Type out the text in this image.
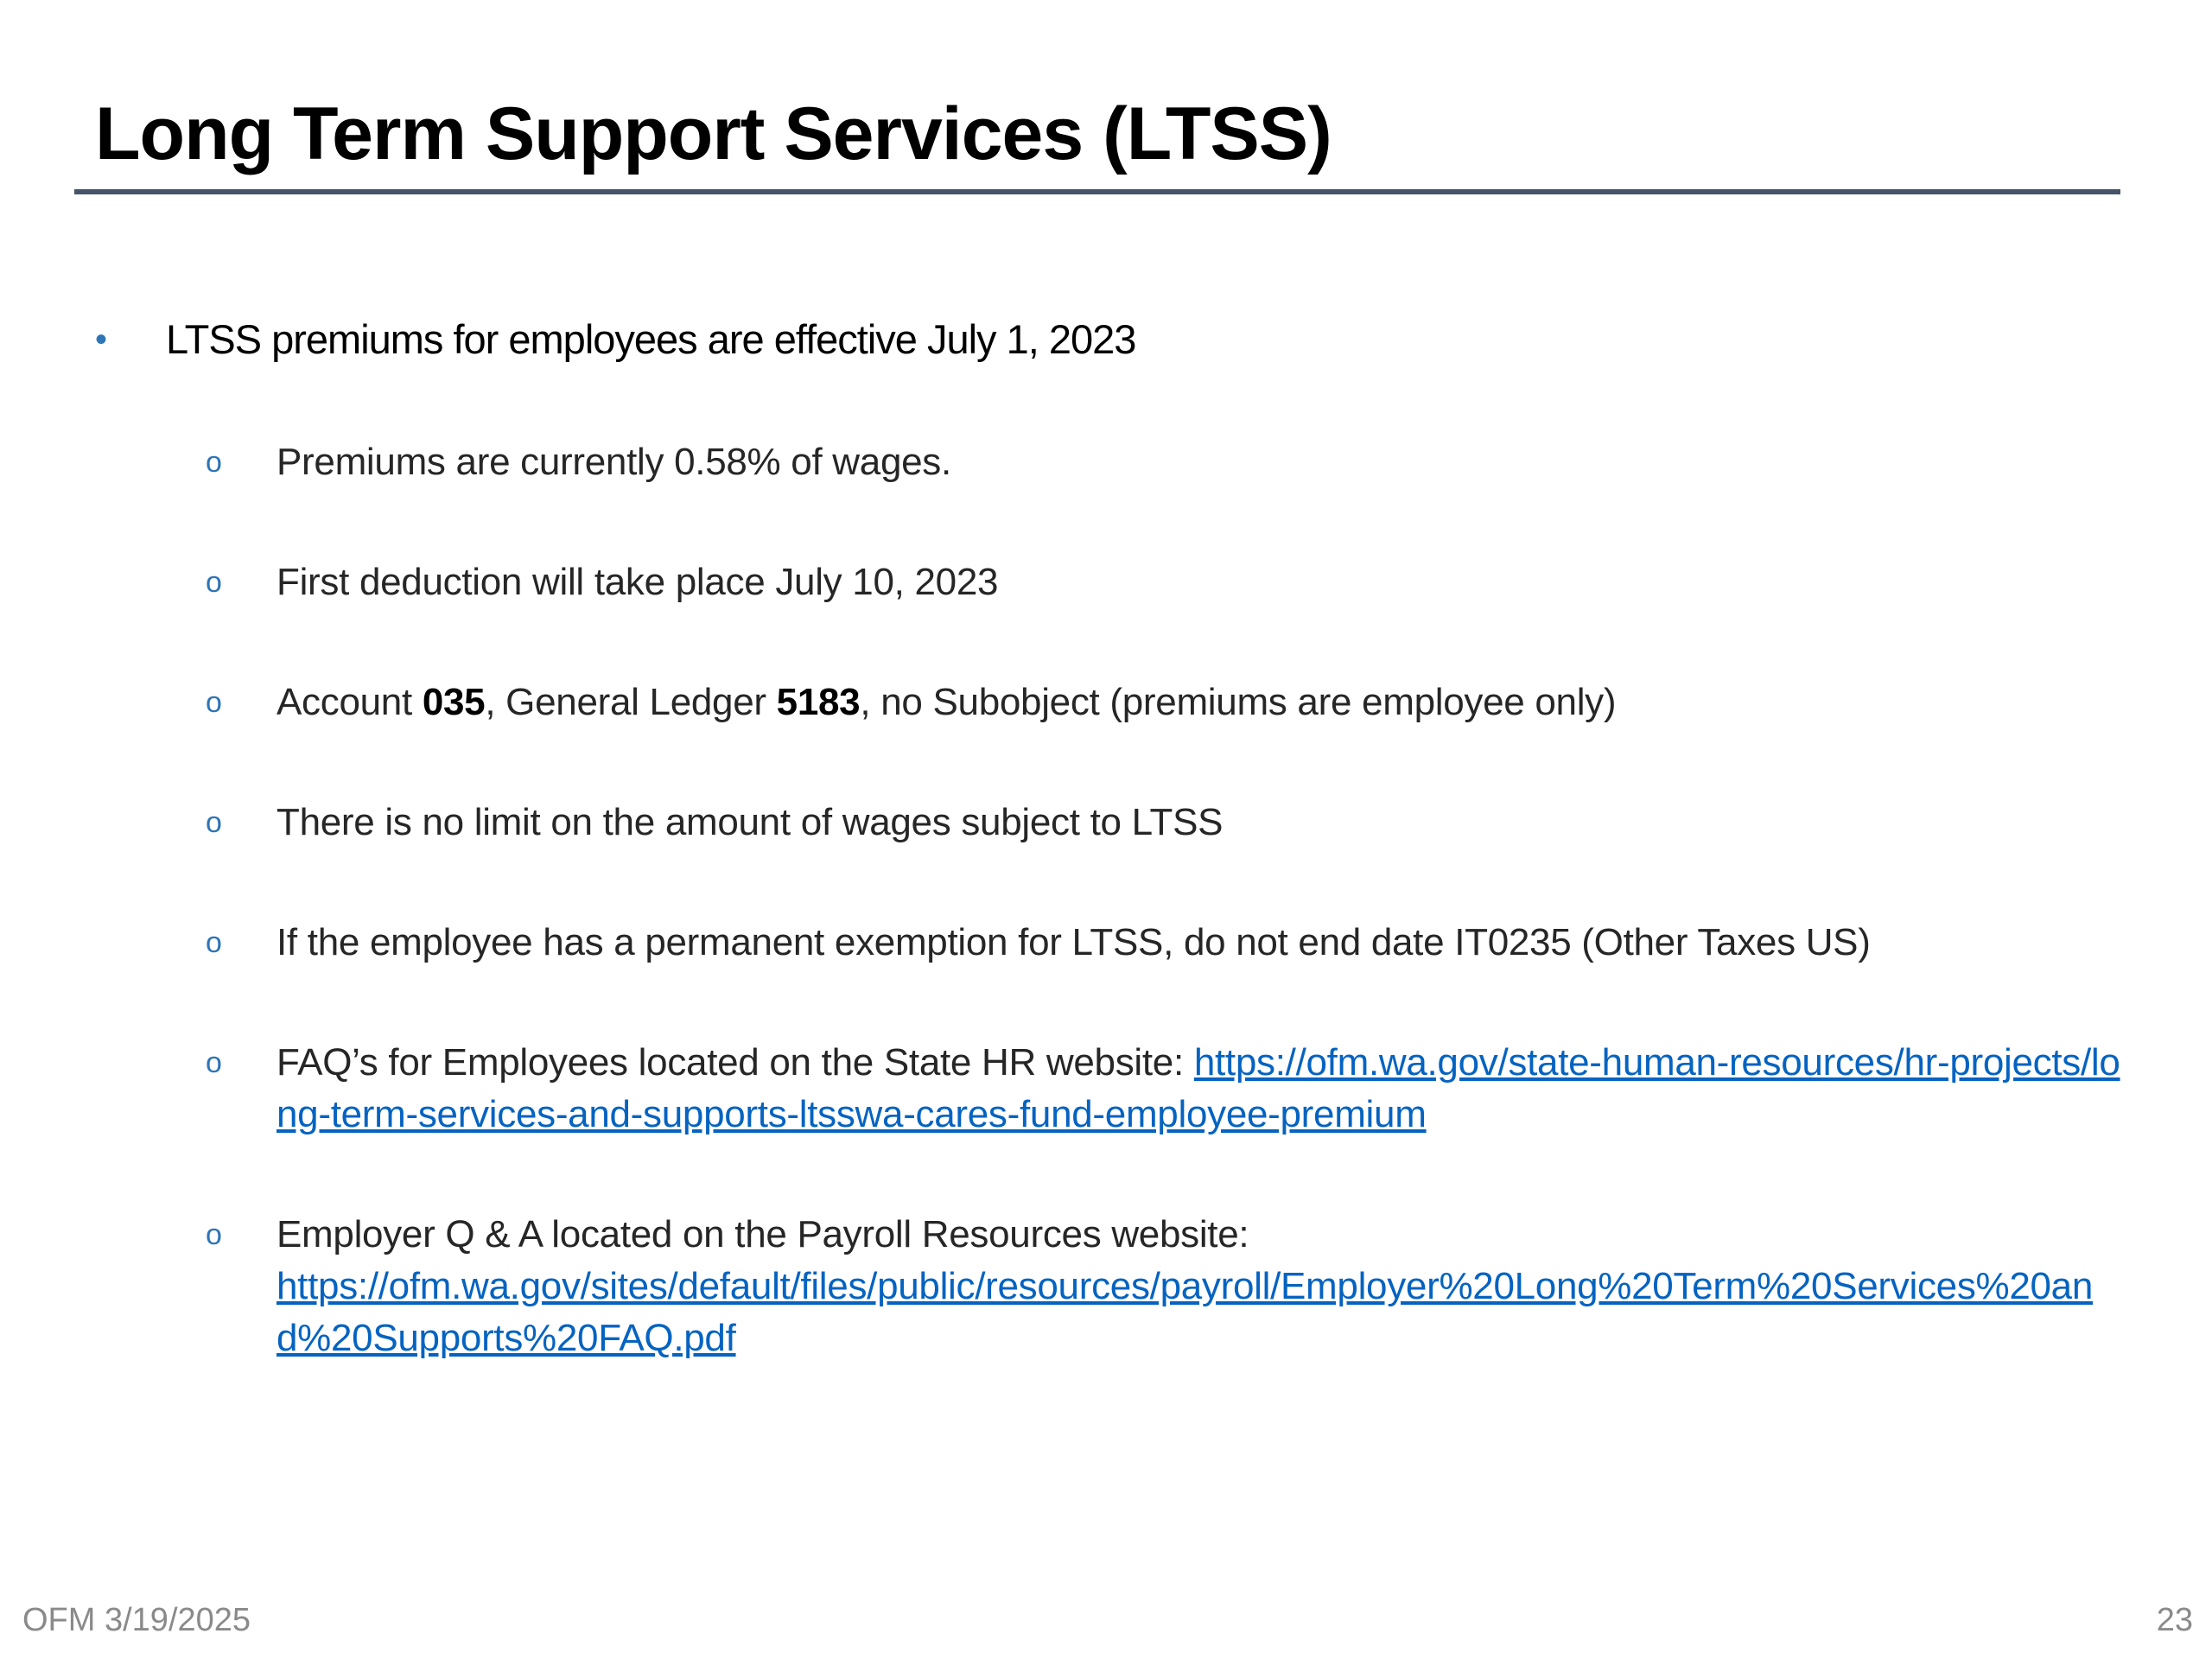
Long Term Support Services (LTSS)
•	LTSS premiums for employees are effective July 1, 2023
o	Premiums are currently 0.58% of wages.
o	First deduction will take place July 10, 2023
o	Account 035, General Ledger 5183, no Subobject (premiums are employee only)
o	There is no limit on the amount of wages subject to LTSS
o	If the employee has a permanent exemption for LTSS, do not end date IT0235 (Other Taxes US)
o	FAQ’s for Employees located on the State HR website: https://ofm.wa.gov/state-human-resources/hr-projects/long-term-services-and-supports-ltsswa-cares-fund-employee-premium
o	Employer Q & A located on the Payroll Resources website:
https://ofm.wa.gov/sites/default/files/public/resources/payroll/Employer%20Long%20Term%20Services%20and%20Supports%20FAQ.pdf
OFM 3/19/2025	23
